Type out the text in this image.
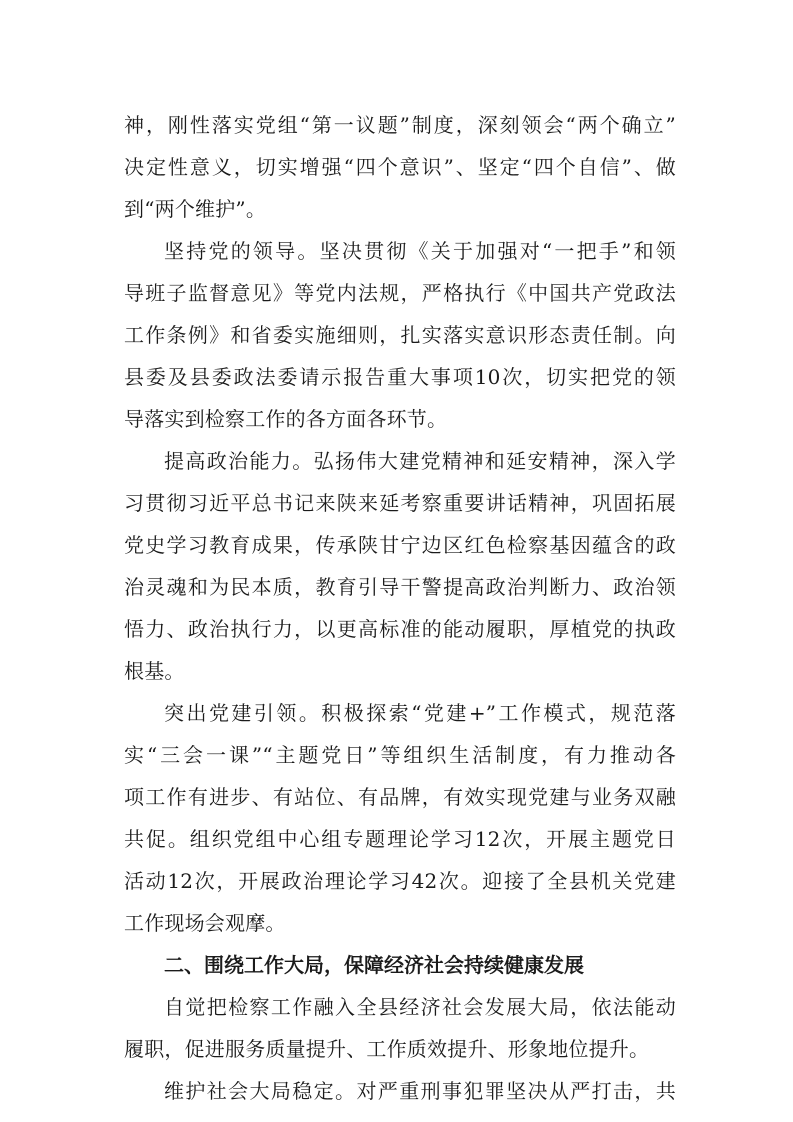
神，刚性落实党组“第一议题”制度，深刻领会“两个确立”
决定性意义，切实增强“四个意识”、坚定“四个自信”、做
到“两个维护”。
坚持党的领导。坚决贯彻《关于加强对“一把手”和领
导班子监督意见》等党内法规，严格执行《中国共产党政法
工作条例》和省委实施细则，扎实落实意识形态责任制。向
县委及县委政法委请示报告重大事项10次，切实把党的领
导落实到检察工作的各方面各环节。
提高政治能力。弘扬伟大建党精神和延安精神，深入学
习贯彻习近平总书记来陕来延考察重要讲话精神，巩固拓展
党史学习教育成果，传承陕甘宁边区红色检察基因蕴含的政
治灵魂和为民本质，教育引导干警提高政治判断力、政治领
悟力、政治执行力，以更高标准的能动履职，厚植党的执政
根基。
突出党建引领。积极探索“党建+”工作模式，规范落
实“三会一课”“主题党日”等组织生活制度，有力推动各
项工作有进步、有站位、有品牌，有效实现党建与业务双融
共促。组织党组中心组专题理论学习12次，开展主题党日
活动12次，开展政治理论学习42次。迎接了全县机关党建
工作现场会观摩。
二、围绕工作大局，保障经济社会持续健康发展
自觉把检察工作融入全县经济社会发展大局，依法能动
履职，促进服务质量提升、工作质效提升、形象地位提升。
维护社会大局稳定。对严重刑事犯罪坚决从严打击，共
